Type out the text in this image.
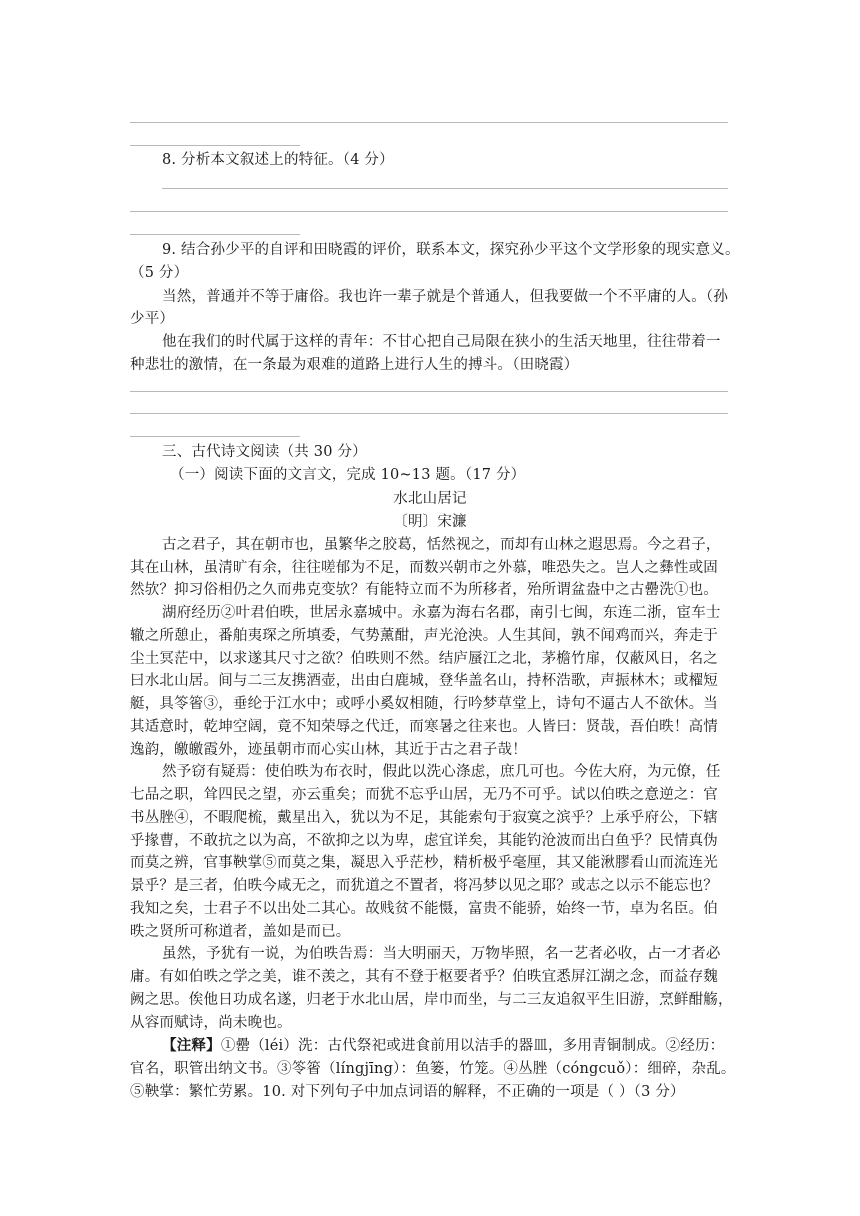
8. 分析本文叙述上的特征。（4 分）
9. 结合孙少平的自评和田晓霞的评价，联系本文，探究孙少平这个文学形象的现实意义。
（5 分）
当然，普通并不等于庸俗。我也许一辈子就是个普通人，但我要做一个不平庸的人。（孙
少平）
他在我们的时代属于这样的青年：不甘心把自己局限在狭小的生活天地里，往往带着一
种悲壮的激情，在一条最为艰难的道路上进行人生的搏斗。（田晓霞）
三、古代诗文阅读（共 30 分）
（一）阅读下面的文言文，完成 10~13 题。（17 分）
水北山居记
〔明〕宋濂
古之君子，其在朝市也，虽繁华之胶葛，恬然视之，而却有山林之遐思焉。今之君子，
其在山林，虽清旷有余，往往嗟郁为不足，而数兴朝市之外慕，唯恐失之。岂人之彝性或固
然欤？抑习俗相仍之久而弗克变欤？有能特立而不为所移者，殆所谓盆盎中之古罍洗①也。
湖府经历②叶君伯昳，世居永嘉城中。永嘉为海右名郡，南引七闽，东连二浙，宦车士
辙之所憩止，番舶夷琛之所填委，气势薰酣，声光沧泱。人生其间，孰不闻鸡而兴，奔走于
尘土冥茫中，以求遂其尺寸之欲？伯昳则不然。结庐蜃江之北，茅檐竹扉，仅蔽风日，名之
曰水北山居。间与二三友携酒壶，出由白鹿城，登华盖名山，持杯浩歌，声振林木；或櫂短
艇，具笭箵③，垂纶于江水中；或呼小奚奴相随，行吟梦草堂上，诗句不逼古人不欲休。当
其适意时，乾坤空阔，竟不知荣辱之代迁，而寒暑之往来也。人皆曰：贤哉，吾伯昳！高情
逸韵，皦皦霞外，迹虽朝市而心实山林，其近于古之君子哉！
然予窃有疑焉：使伯昳为布衣时，假此以洗心涤虑，庶几可也。今佐大府，为元僚，任
七品之职，耸四民之望，亦云重矣；而犹不忘乎山居，无乃不可乎。试以伯昳之意逆之：官
书丛脞④，不暇爬梳，戴星出入，犹以为不足，其能索句于寂寞之滨乎？上承乎府公，下辖
乎掾曹，不敢抗之以为高，不欲抑之以为卑，虑宜详矣，其能钓沧波而出白鱼乎？民情真伪
而莫之辨，官事鞅掌⑤而莫之集，凝思入乎茫杪，精析极乎毫厘，其又能湫膠看山而流连光
景乎？是三者，伯昳今咸无之，而犹道之不置者，将冯梦以见之耶？或志之以示不能忘也？
我知之矣，士君子不以出处二其心。故贱贫不能慑，富贵不能骄，始终一节，卓为名臣。伯
昳之贤所可称道者，盖如是而已。
虽然，予犹有一说，为伯昳告焉：当大明丽天，万物毕照，名一艺者必收，占一才者必
庸。有如伯昳之学之美，谁不羡之，其有不登于枢要者乎？伯昳宜悉屏江湖之念，而益存魏
阙之思。俟他日功成名遂，归老于水北山居，岸巾而坐，与二三友追叙平生旧游，烹鲜酣觞，
从容而赋诗，尚未晚也。
【注释】①罍（léi）洗：古代祭祀或进食前用以洁手的器皿，多用青铜制成。②经历：
官名，职管出纳文书。③笭箵（língjīng）：鱼篓，竹笼。④丛脞（cóngcuǒ）：细碎，杂乱。
⑤鞅掌：繁忙劳累。10. 对下列句子中加点词语的解释，不正确的一项是（ ）（3 分）
